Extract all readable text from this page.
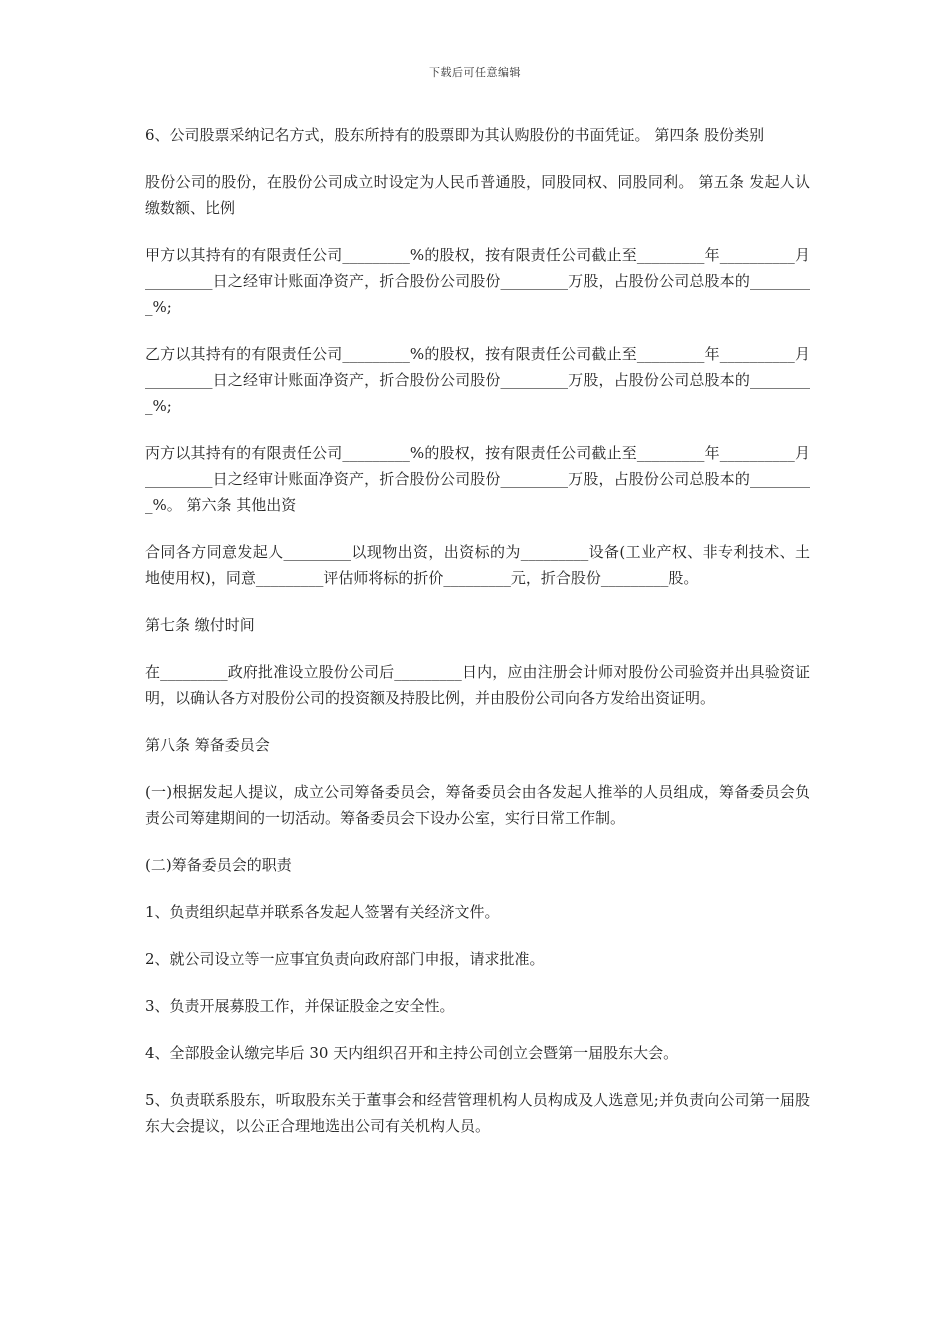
下载后可任意编辑

6、公司股票采纳记名方式，股东所持有的股票即为其认购股份的书面凭证。 第四条 股份类别

股份公司的股份，在股份公司成立时设定为人民币普通股，同股同权、同股同利。 第五条 发起人认缴数额、比例

甲方以其持有的有限责任公司_________%的股权，按有限责任公司截止至_________年__________月_________日之经审计账面净资产，折合股份公司股份_________万股，占股份公司总股本的_________%;

乙方以其持有的有限责任公司_________%的股权，按有限责任公司截止至_________年__________月_________日之经审计账面净资产，折合股份公司股份_________万股，占股份公司总股本的_________%;

丙方以其持有的有限责任公司_________%的股权，按有限责任公司截止至_________年__________月_________日之经审计账面净资产，折合股份公司股份_________万股，占股份公司总股本的_________%。 第六条 其他出资

合同各方同意发起人_________以现物出资，出资标的为_________设备(工业产权、非专利技术、土地使用权)，同意_________评估师将标的折价_________元，折合股份_________股。

第七条 缴付时间

在_________政府批准设立股份公司后_________日内，应由注册会计师对股份公司验资并出具验资证明，以确认各方对股份公司的投资额及持股比例，并由股份公司向各方发给出资证明。

第八条 筹备委员会

(一)根据发起人提议，成立公司筹备委员会，筹备委员会由各发起人推举的人员组成，筹备委员会负责公司筹建期间的一切活动。筹备委员会下设办公室，实行日常工作制。

(二)筹备委员会的职责

1、负责组织起草并联系各发起人签署有关经济文件。

2、就公司设立等一应事宜负责向政府部门申报，请求批准。

3、负责开展募股工作，并保证股金之安全性。

4、全部股金认缴完毕后 30 天内组织召开和主持公司创立会暨第一届股东大会。

5、负责联系股东，听取股东关于董事会和经营管理机构人员构成及人选意见;并负责向公司第一届股东大会提议，以公正合理地选出公司有关机构人员。
